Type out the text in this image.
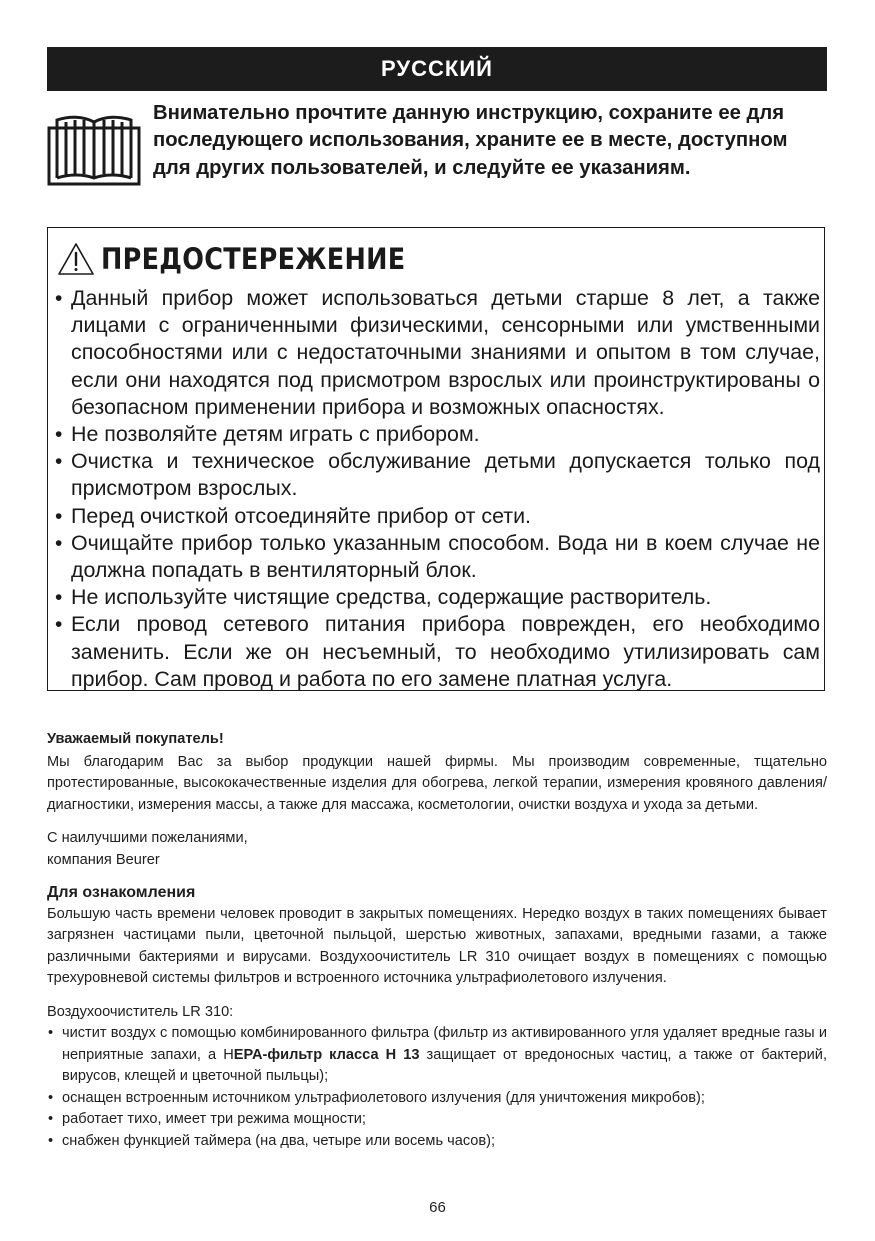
РУССКИЙ
Внимательно прочтите данную инструкцию, сохраните ее для последующего использования, храните ее в месте, доступном для других пользователей, и следуйте ее указаниям.
ПРЕДОСТЕРЕЖЕНИЕ
• Данный прибор может использоваться детьми старше 8 лет, а также лицами с ограниченными физическими, сенсорными или умственными способностями или с недостаточными знаниями и опытом в том случае, если они находятся под присмотром взрослых или проинструктированы о безопасном применении прибора и возможных опасностях.
• Не позволяйте детям играть с прибором.
• Очистка и техническое обслуживание детьми допускается только под присмотром взрослых.
• Перед очисткой отсоединяйте прибор от сети.
• Очищайте прибор только указанным способом. Вода ни в коем случае не должна попадать в вентиляторный блок.
• Не используйте чистящие средства, содержащие растворитель.
• Если провод сетевого питания прибора поврежден, его необходимо заменить. Если же он несъемный, то необходимо утилизировать сам прибор. Сам провод и работа по его замене платная услуга.

Уважаемый покупатель!

Мы благодарим Вас за выбор продукции нашей фирмы. Мы производим современные, тщательно протестированные, высококачественные изделия для обогрева, легкой терапии, измерения кровяного давления/диагностики, измерения массы, а также для массажа, косметологии, очистки воздуха и ухода за детьми.

С наилучшими пожеланиями,

компания Beurer

Для ознакомления

Большую часть времени человек проводит в закрытых помещениях. Нередко воздух в таких помещениях бывает загрязнен частицами пыли, цветочной пыльцой, шерстью животных, запахами, вредными газами, а также различными бактериями и вирусами. Воздухоочиститель LR 310 очищает воздух в помещениях с помощью трехуровневой системы фильтров и встроенного источника ультрафиолетового излучения.

Воздухоочиститель LR 310:

• чистит воздух с помощью комбинированного фильтра (фильтр из активированного угля удаляет вредные газы и неприятные запахи, а НЕРА-фильтр класса Н 13 защищает от вредоносных частиц, а также от бактерий, вирусов, клещей и цветочной пыльцы);
• оснащен встроенным источником ультрафиолетового излучения (для уничтожения микробов);
• работает тихо, имеет три режима мощности;
• снабжен функцией таймера (на два, четыре или восемь часов);
66
